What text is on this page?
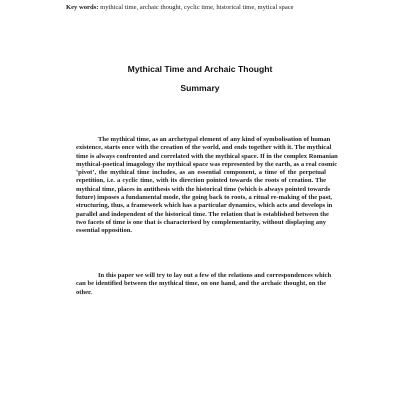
Key words: mythical time, archaic thought, cyclic time, historical time, mytical space
Mythical Time and Archaic Thought
Summary
The mythical time, as an archetypal element of any kind of symbolisation of human
existence, starts once with the creation of the world, and ends together with it. The mythical
time is always confronted and correlated with the mythical space. If in the complex Romanian
mythical-poetical imagology the mythical space was represented by the earth, as a real cosmic
‘pivot’, the mythical time includes, as an essential component, a time of the perpetual
repetition, i.e. a cyclic time, with its direction pointed towards the roots of creation. The
mythical time, places in antithesis with the historical time (which is always pointed towards
future) imposes a fundamental mode, the going back to roots, a ritual re-making of the past,
structuring, thus, a framework which has a particular dynamics, which acts and develops in
parallel and independent of the historical time. The relation that is established between the
two facets of time is one that is characterised by complementarity, without displaying any
essential opposition.
In this paper we will try to lay out a few of the relations and correspondences which
can be identified between the mythical time, on one hand, and the archaic thought, on the
other.
